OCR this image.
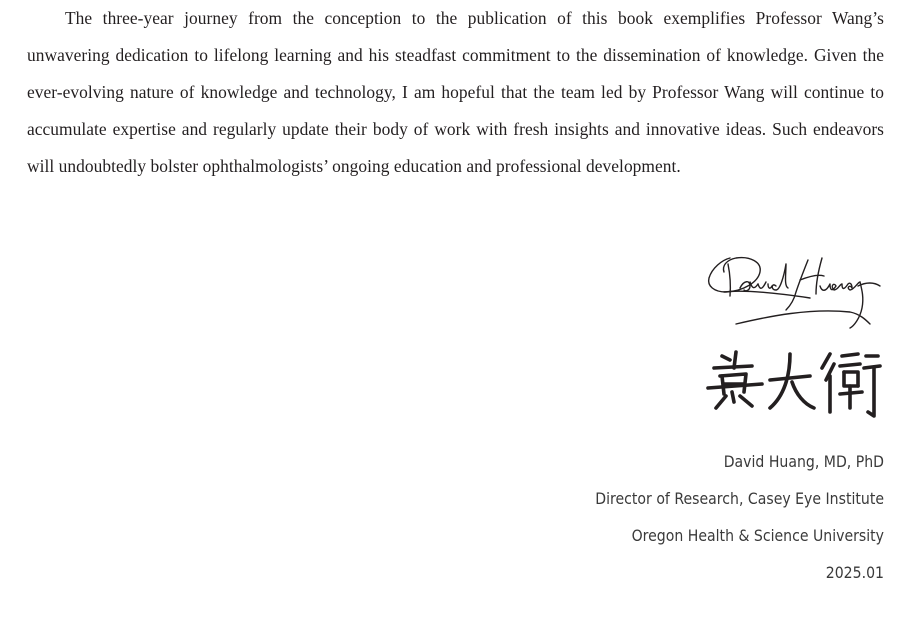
The three-year journey from the conception to the publication of this book exemplifies Professor Wang’s unwavering dedication to lifelong learning and his steadfast commitment to the dissemination of knowledge. Given the ever-evolving nature of knowledge and technology, I am hopeful that the team led by Professor Wang will continue to accumulate expertise and regularly update their body of work with fresh insights and innovative ideas. Such endeavors will undoubtedly bolster ophthalmologists’ ongoing education and professional development.

David Huang, MD, PhD
Director of Research, Casey Eye Institute
Oregon Health & Science University
2025.01
